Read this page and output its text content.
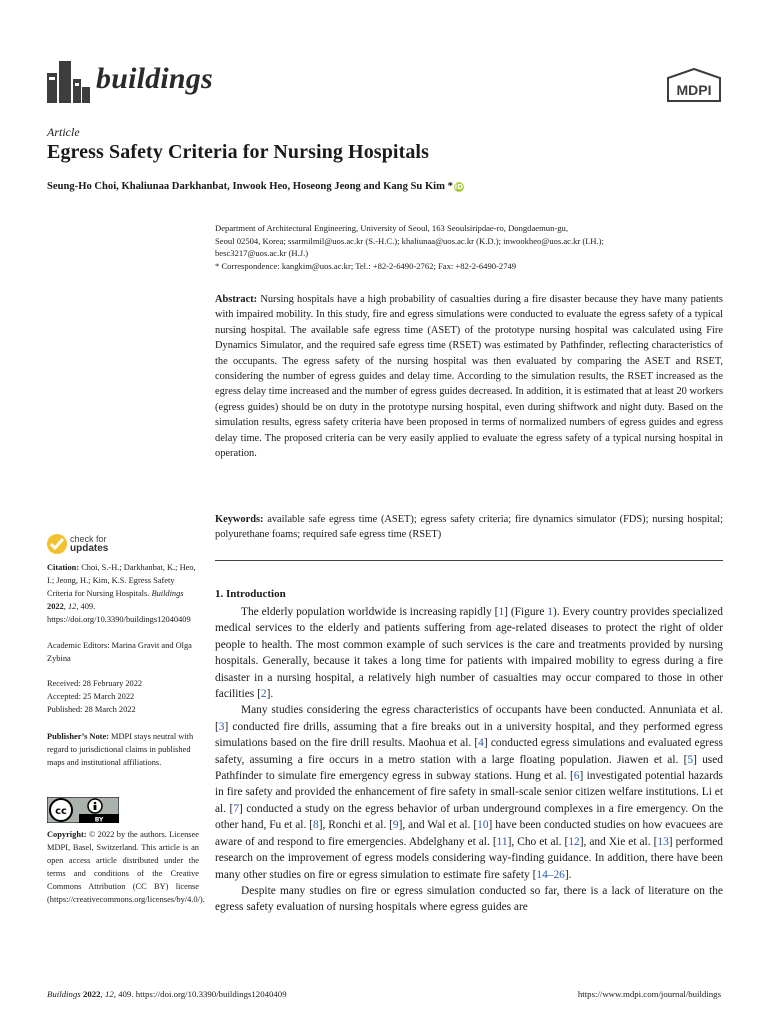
buildings	MDPI
Article
Egress Safety Criteria for Nursing Hospitals
Seung-Ho Choi, Khaliunaa Darkhanbat, Inwook Heo, Hoseong Jeong and Kang Su Kim * iD

Department of Architectural Engineering, University of Seoul, 163 Seoulsiripdae-ro, Dongdaemun-gu,

Seoul 02504, Korea; ssarmilmil@uos.ac.kr (S.-H.C.); khaliunaa@uos.ac.kr (K.D.); inwookheo@uos.ac.kr (I.H.);

besc3217@uos.ac.kr (H.J.)

* Correspondence: kangkim@uos.ac.kr; Tel.: +82-2-6490-2762; Fax: +82-2-6490-2749

Abstract: Nursing hospitals have a high probability of casualties during a fire disaster because they have many patients with impaired mobility. In this study, fire and egress simulations were conducted to evaluate the egress safety of a typical nursing hospital. The available safe egress time (ASET) of the prototype nursing hospital was calculated using Fire Dynamics Simulator, and the required safe egress time (RSET) was estimated by Pathfinder, reflecting characteristics of the occupants. The egress safety of the nursing hospital was then evaluated by comparing the ASET and RSET, considering the number of egress guides and delay time. According to the simulation results, the RSET increased as the egress delay time increased and the number of egress guides decreased. In addition, it is estimated that at least 20 workers (egress guides) should be on duty in the prototype nursing hospital, even during shiftwork and night duty. Based on the simulation results, egress safety criteria have been proposed in terms of normalized numbers of egress guides and egress delay time. The proposed criteria can be very easily applied to evaluate the egress safety of a typical nursing hospital in operation.
Keywords: available safe egress time (ASET); egress safety criteria; fire dynamics simulator (FDS); nursing hospital; polyurethane foams; required safe egress time (RSET)
check for
updates

Citation: Choi, S.-H.; Darkhanbat, K.; Heo, I.; Jeong, H.; Kim, K.S. Egress Safety Criteria for Nursing Hospitals. Buildings 2022, 12, 409. https://doi.org/10.3390/buildings12040409

Academic Editors: Marina Gravit and Olga Zybina

Received: 28 February 2022

Accepted: 25 March 2022

Published: 28 March 2022

Publisher’s Note: MDPI stays neutral with regard to jurisdictional claims in published maps and institutional affiliations.

cc
BY

Copyright: © 2022 by the authors. Licensee MDPI, Basel, Switzerland. This article is an open access article distributed under the terms and conditions of the Creative Commons Attribution (CC BY) license (https://creativecommons.org/licenses/by/4.0/).

1. Introduction

The elderly population worldwide is increasing rapidly [1] (Figure 1). Every country provides specialized medical services to the elderly and patients suffering from age-related diseases to protect the right of older people to health. The most common example of such services is the care and treatments provided by nursing hospitals. Generally, because it takes a long time for patients with impaired mobility to egress during a fire disaster in a nursing hospital, a relatively high number of casualties may occur compared to those in other facilities [2].

Many studies considering the egress characteristics of occupants have been conducted. Annuniata et al. [3] conducted fire drills, assuming that a fire breaks out in a university hospital, and they performed egress simulations based on the fire drill results. Maohua et al. [4] conducted egress simulations and evaluated egress safety, assuming a fire occurs in a metro station with a large floating population. Jiawen et al. [5] used Pathfinder to simulate fire emergency egress in subway stations. Hung et al. [6] investigated potential hazards in fire safety and provided the enhancement of fire safety in small-scale senior citizen welfare institutions. Li et al. [7] conducted a study on the egress behavior of urban underground complexes in a fire emergency. On the other hand, Fu et al. [8], Ronchi et al. [9], and Wal et al. [10] have been conducted studies on how evacuees are aware of and respond to fire emergencies. Abdelghany et al. [11], Cho et al. [12], and Xie et al. [13] performed research on the improvement of egress models considering way-finding guidance. In addition, there have been many other studies on fire or egress simulation to estimate fire safety [14–26].

Despite many studies on fire or egress simulation conducted so far, there is a lack of literature on the egress safety evaluation of nursing hospitals where egress guides are

Buildings 2022, 12, 409. https://doi.org/10.3390/buildings12040409	https://www.mdpi.com/journal/buildings
